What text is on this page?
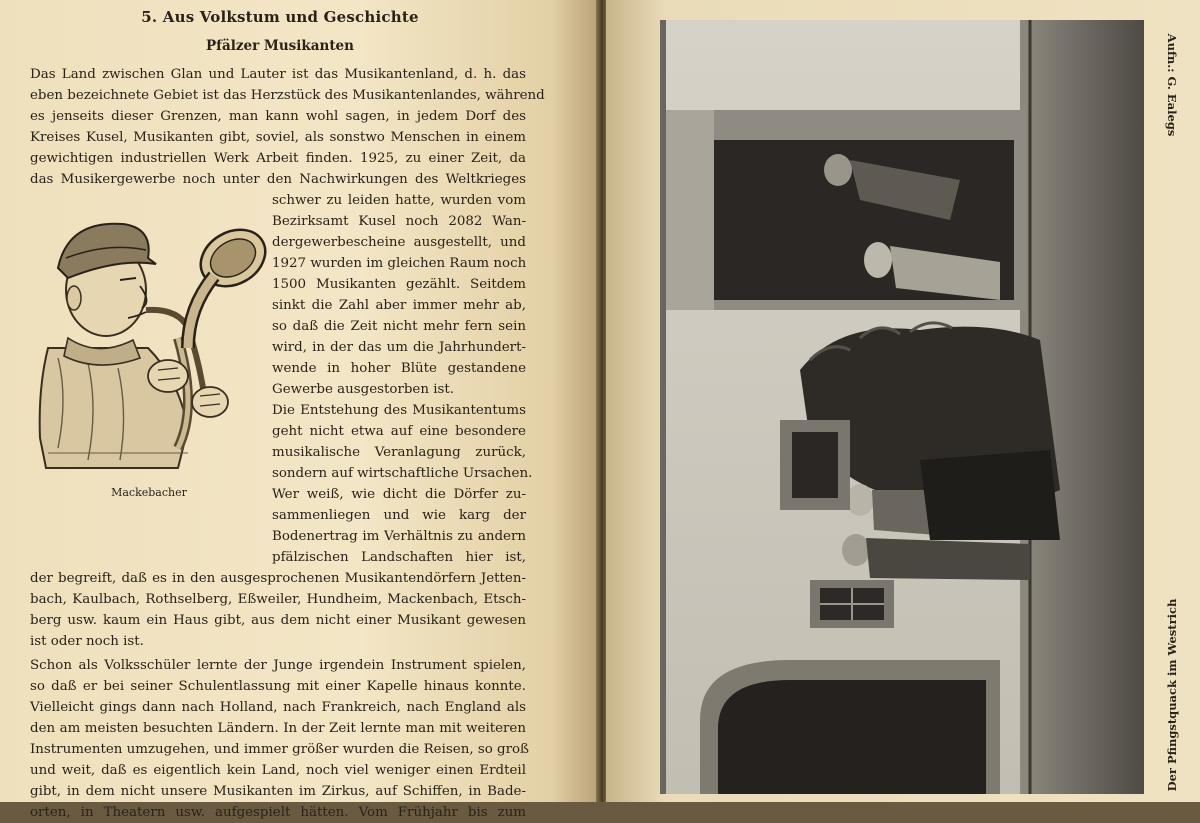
5. Aus Volkstum und Geschichte
Pfälzer Musikanten
Das Land zwischen Glan und Lauter ist das Musikantenland, d. h. das
eben bezeichnete Gebiet ist das Herzstück des Musikantenlandes, während
es jenseits dieser Grenzen, man kann wohl sagen, in jedem Dorf des
Kreises Kusel, Musikanten gibt, soviel, als sonstwo Menschen in einem
gewichtigen industriellen Werk Arbeit finden. 1925, zu einer Zeit, da
das Musikergewerbe noch unter den Nachwirkungen des Weltkrieges
schwer zu leiden hatte, wurden vom
Bezirksamt Kusel noch 2082 Wan-
dergewerbescheine ausgestellt, und
1927 wurden im gleichen Raum noch
1500 Musikanten gezählt. Seitdem
sinkt die Zahl aber immer mehr ab,
so daß die Zeit nicht mehr fern sein
wird, in der das um die Jahrhundert-
wende in hoher Blüte gestandene
Gewerbe ausgestorben ist.
Die Entstehung des Musikantentums
geht nicht etwa auf eine besondere
musikalische Veranlagung zurück,
sondern auf wirtschaftliche Ursachen.
Wer weiß, wie dicht die Dörfer zu-
sammenliegen und wie karg der
Bodenertrag im Verhältnis zu andern
pfälzischen Landschaften hier ist,
der begreift, daß es in den ausgesprochenen Musikantendörfern Jetten-
bach, Kaulbach, Rothselberg, Eßweiler, Hundheim, Mackenbach, Etsch-
berg usw. kaum ein Haus gibt, aus dem nicht einer Musikant gewesen
ist oder noch ist.
Schon als Volksschüler lernte der Junge irgendein Instrument spielen,
so daß er bei seiner Schulentlassung mit einer Kapelle hinaus konnte.
Vielleicht gings dann nach Holland, nach Frankreich, nach England als
den am meisten besuchten Ländern. In der Zeit lernte man mit weiteren
Instrumenten umzugehen, und immer größer wurden die Reisen, so groß
und weit, daß es eigentlich kein Land, noch viel weniger einen Erdteil
gibt, in dem nicht unsere Musikanten im Zirkus, auf Schiffen, in Bade-
orten, in Theatern usw. aufgespielt hätten. Vom Frühjahr bis zum
Mackebacher
Aufn.: G. Ealegs
Der Pfingstquack im Westrich
